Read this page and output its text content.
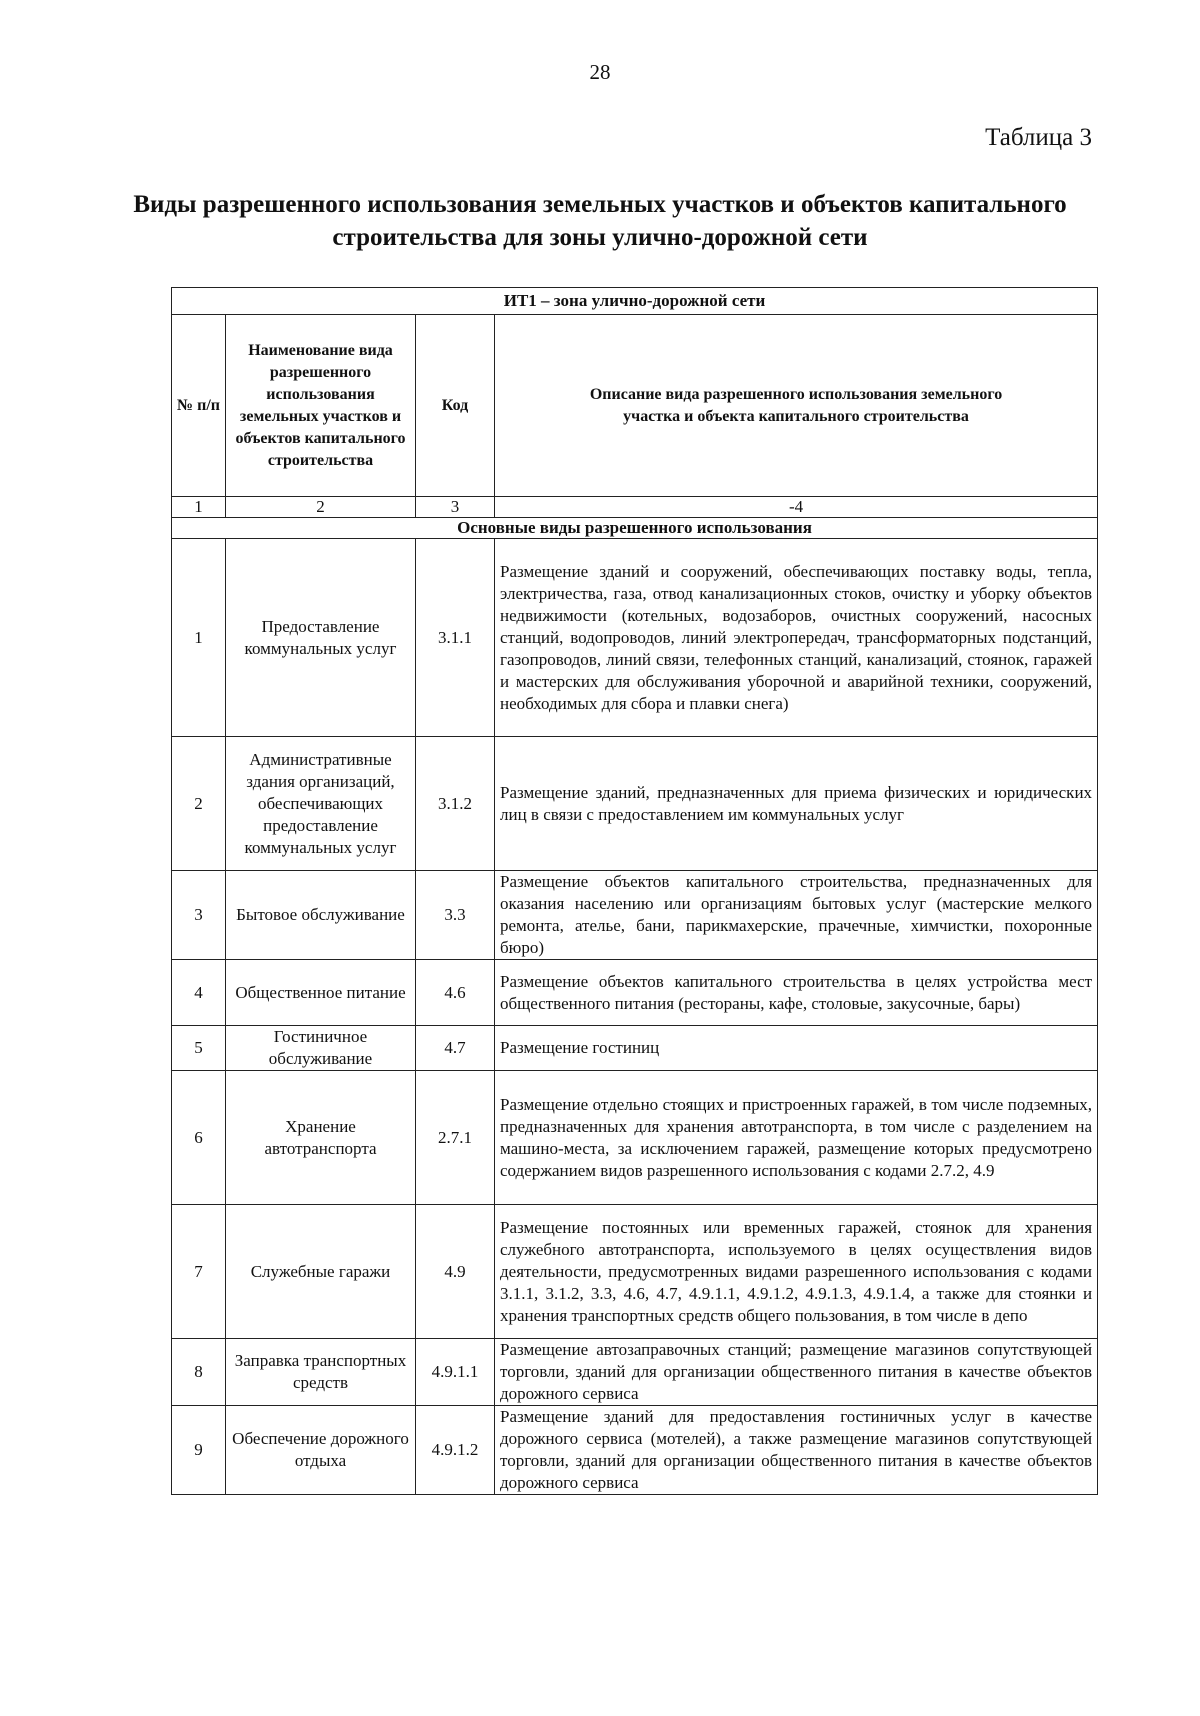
28
Таблица 3
Виды разрешенного использования земельных участков и объектов капитального строительства для зоны улично-дорожной сети
ИТ1 – зона улично-дорожной сети			
№ п/п	Наименование вида разрешенного использования земельных участков и объектов капитального строительства	Код	Описание вида разрешенного использования земельного участка и объекта капитального строительства
1	2	3	-4
Основные виды разрешенного использования			
1	Предоставление коммунальных услуг	3.1.1	Размещение зданий и сооружений, обеспечивающих поставку воды, тепла, электричества, газа, отвод канализационных стоков, очистку и уборку объектов недвижимости (котельных, водозаборов, очистных сооружений, насосных станций, водопроводов, линий электропередач, трансформаторных подстанций, газопроводов, линий связи, телефонных станций, канализаций, стоянок, гаражей и мастерских для обслуживания уборочной и аварийной техники, сооружений, необходимых для сбора и плавки снега)
2	Административные здания организаций, обеспечивающих предоставление коммунальных услуг	3.1.2	Размещение зданий, предназначенных для приема физических и юридических лиц в связи с предоставлением им коммунальных услуг
3	Бытовое обслуживание	3.3	Размещение объектов капитального строительства, предназначенных для оказания населению или организациям бытовых услуг (мастерские мелкого ремонта, ателье, бани, парикмахерские, прачечные, химчистки, похоронные бюро)
4	Общественное питание	4.6	Размещение объектов капитального строительства в целях устройства мест общественного питания (рестораны, кафе, столовые, закусочные, бары)
5	Гостиничное обслуживание	4.7	Размещение гостиниц
6	Хранение автотранспорта	2.7.1	Размещение отдельно стоящих и пристроенных гаражей, в том числе подземных, предназначенных для хранения автотранспорта, в том числе с разделением на машино-места, за исключением гаражей, размещение которых предусмотрено содержанием видов разрешенного использования с кодами 2.7.2, 4.9
7	Служебные гаражи	4.9	Размещение постоянных или временных гаражей, стоянок для хранения служебного автотранспорта, используемого в целях осуществления видов деятельности, предусмотренных видами разрешенного использования с кодами 3.1.1, 3.1.2, 3.3, 4.6, 4.7, 4.9.1.1, 4.9.1.2, 4.9.1.3, 4.9.1.4, а также для стоянки и хранения транспортных средств общего пользования, в том числе в депо
8	Заправка транспортных средств	4.9.1.1	Размещение автозаправочных станций; размещение магазинов сопутствующей торговли, зданий для организации общественного питания в качестве объектов дорожного сервиса
9	Обеспечение дорожного отдыха	4.9.1.2	Размещение зданий для предоставления гостиничных услуг в качестве дорожного сервиса (мотелей), а также размещение магазинов сопутствующей торговли, зданий для организации общественного питания в качестве объектов дорожного сервиса
